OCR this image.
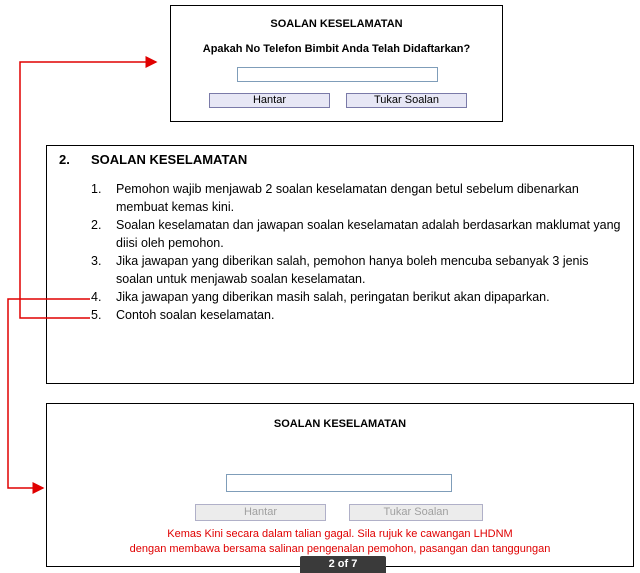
SOALAN KESELAMATAN
Apakah No Telefon Bimbit Anda Telah Didaftarkan?
Hantar	Tukar Soalan
2. SOALAN KESELAMATAN
1.	Pemohon wajib menjawab 2 soalan keselamatan dengan betul sebelum dibenarkan membuat kemas kini.
2.	Soalan keselamatan dan jawapan soalan keselamatan adalah berdasarkan maklumat yang diisi oleh pemohon.
3.	Jika jawapan yang diberikan salah, pemohon hanya boleh mencuba sebanyak 3 jenis soalan untuk menjawab soalan keselamatan.
4.	Jika jawapan yang diberikan masih salah, peringatan berikut akan dipaparkan.
5.	Contoh soalan keselamatan.
SOALAN KESELAMATAN
Hantar	Tukar Soalan
Kemas Kini secara dalam talian gagal. Sila rujuk ke cawangan LHDNM
dengan membawa bersama salinan pengenalan pemohon, pasangan dan tanggungan
2 of 7
